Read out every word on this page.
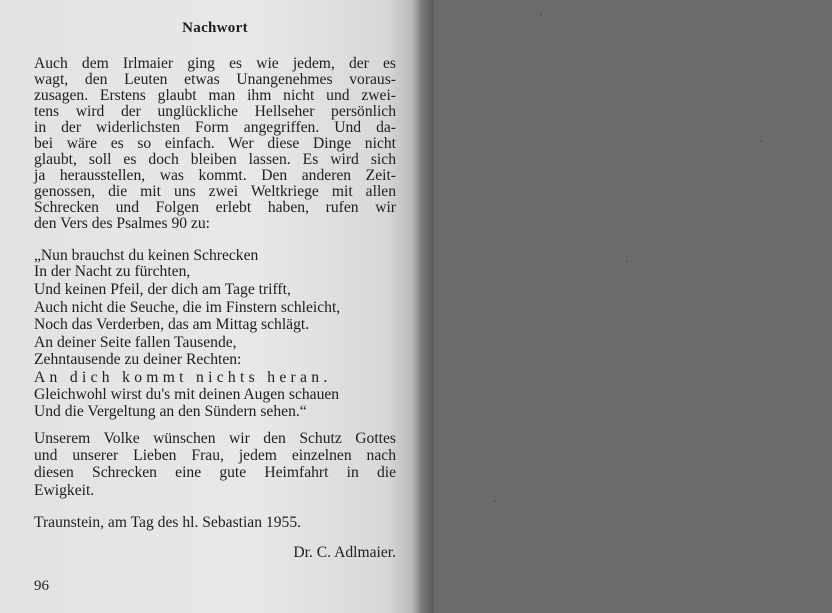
Nachwort
Auch dem Irlmaier ging es wie jedem, der es
wagt, den Leuten etwas Unangenehmes voraus-
zusagen. Erstens glaubt man ihm nicht und zwei-
tens wird der unglückliche Hellseher persönlich
in der widerlichsten Form angegriffen. Und da-
bei wäre es so einfach. Wer diese Dinge nicht
glaubt, soll es doch bleiben lassen. Es wird sich
ja herausstellen, was kommt. Den anderen Zeit-
genossen, die mit uns zwei Weltkriege mit allen
Schrecken und Folgen erlebt haben, rufen wir
den Vers des Psalmes 90 zu:
„Nun brauchst du keinen Schrecken
In der Nacht zu fürchten,
Und keinen Pfeil, der dich am Tage trifft,
Auch nicht die Seuche, die im Finstern schleicht,
Noch das Verderben, das am Mittag schlägt.
An deiner Seite fallen Tausende,
Zehntausende zu deiner Rechten:
An dich kommt nichts heran.
Gleichwohl wirst du's mit deinen Augen schauen
Und die Vergeltung an den Sündern sehen.“
Unserem Volke wünschen wir den Schutz Gottes
und unserer Lieben Frau, jedem einzelnen nach
diesen Schrecken eine gute Heimfahrt in die
Ewigkeit.
Traunstein, am Tag des hl. Sebastian 1955.
Dr. C. Adlmaier.
96
